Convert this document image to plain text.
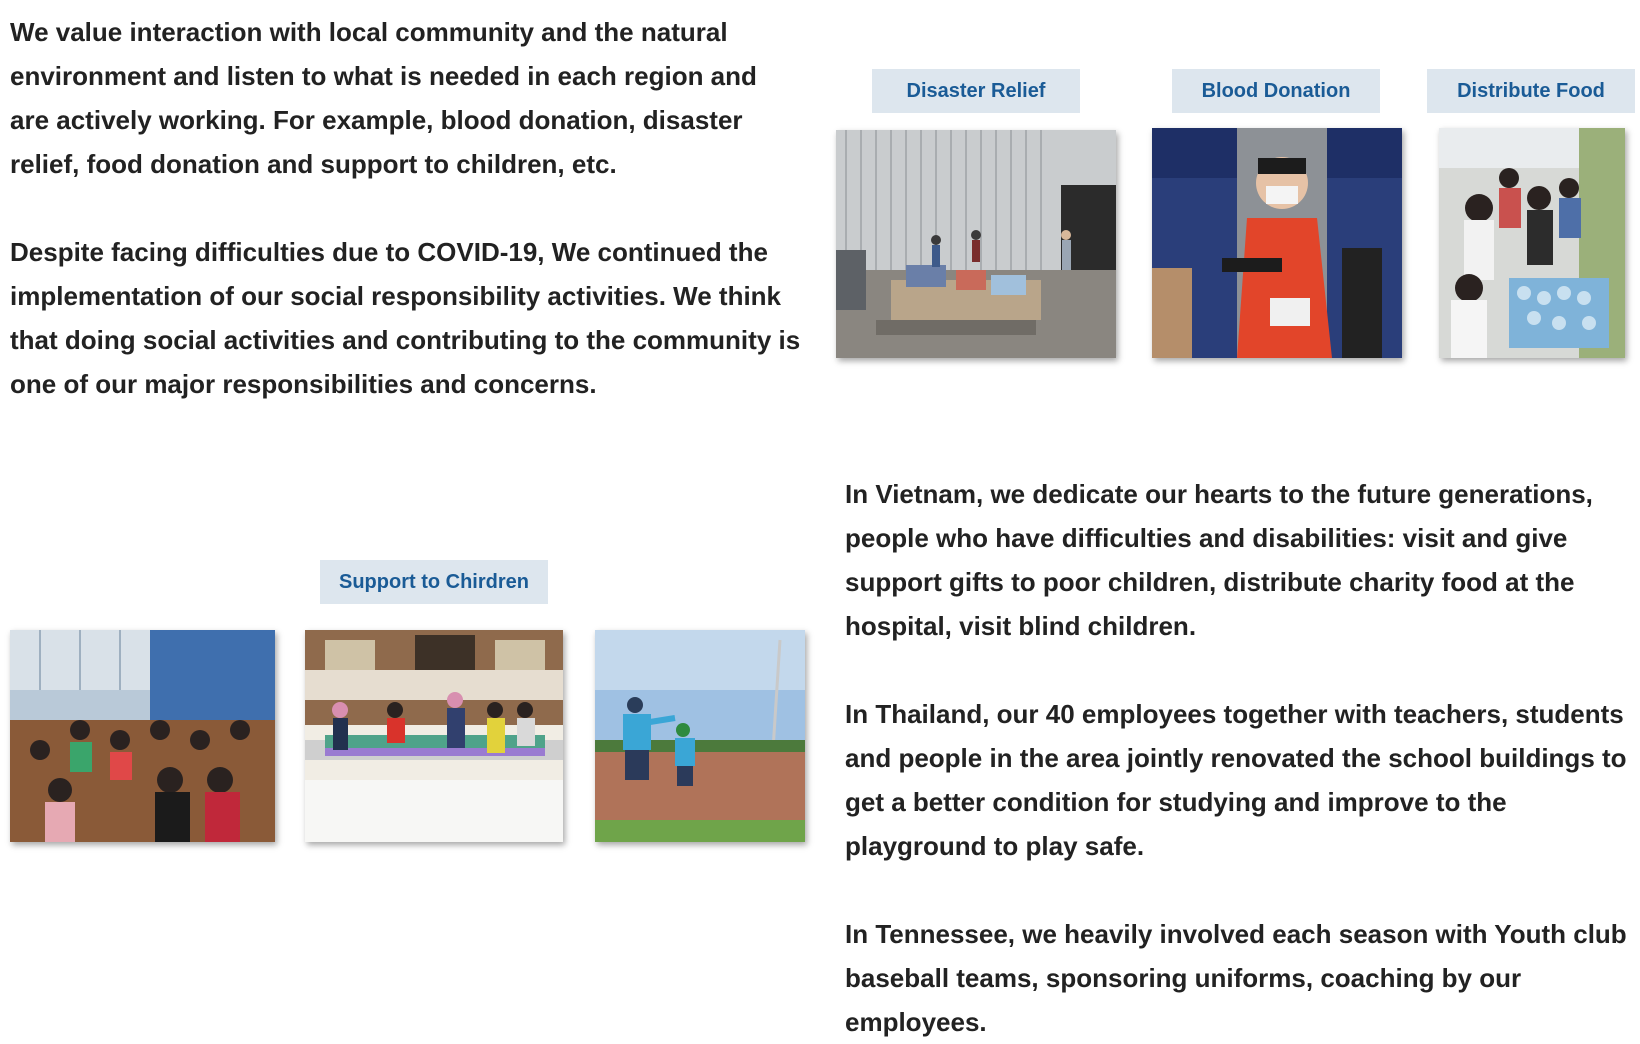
We value interaction with local community and the natural environment and listen to what is needed in each region and are actively working. For example, blood donation, disaster relief, food donation and support to children, etc.

Despite facing difficulties due to COVID-19, We continued the implementation of our social responsibility activities. We think that doing social activities and contributing to the community is one of our major responsibilities and concerns.

Disaster Relief	Blood Donation	Distribute Food
Support to Chirdren

In Vietnam, we dedicate our hearts to the future generations, people who have difficulties and disabilities: visit and give support gifts to poor children, distribute charity food at the hospital, visit blind children.

In Thailand, our 40 employees together with teachers, students and people in the area jointly renovated the school buildings to get a better condition for studying and improve to the playground to play safe.

In Tennessee, we heavily involved each season with Youth club baseball teams, sponsoring uniforms, coaching by our employees.
